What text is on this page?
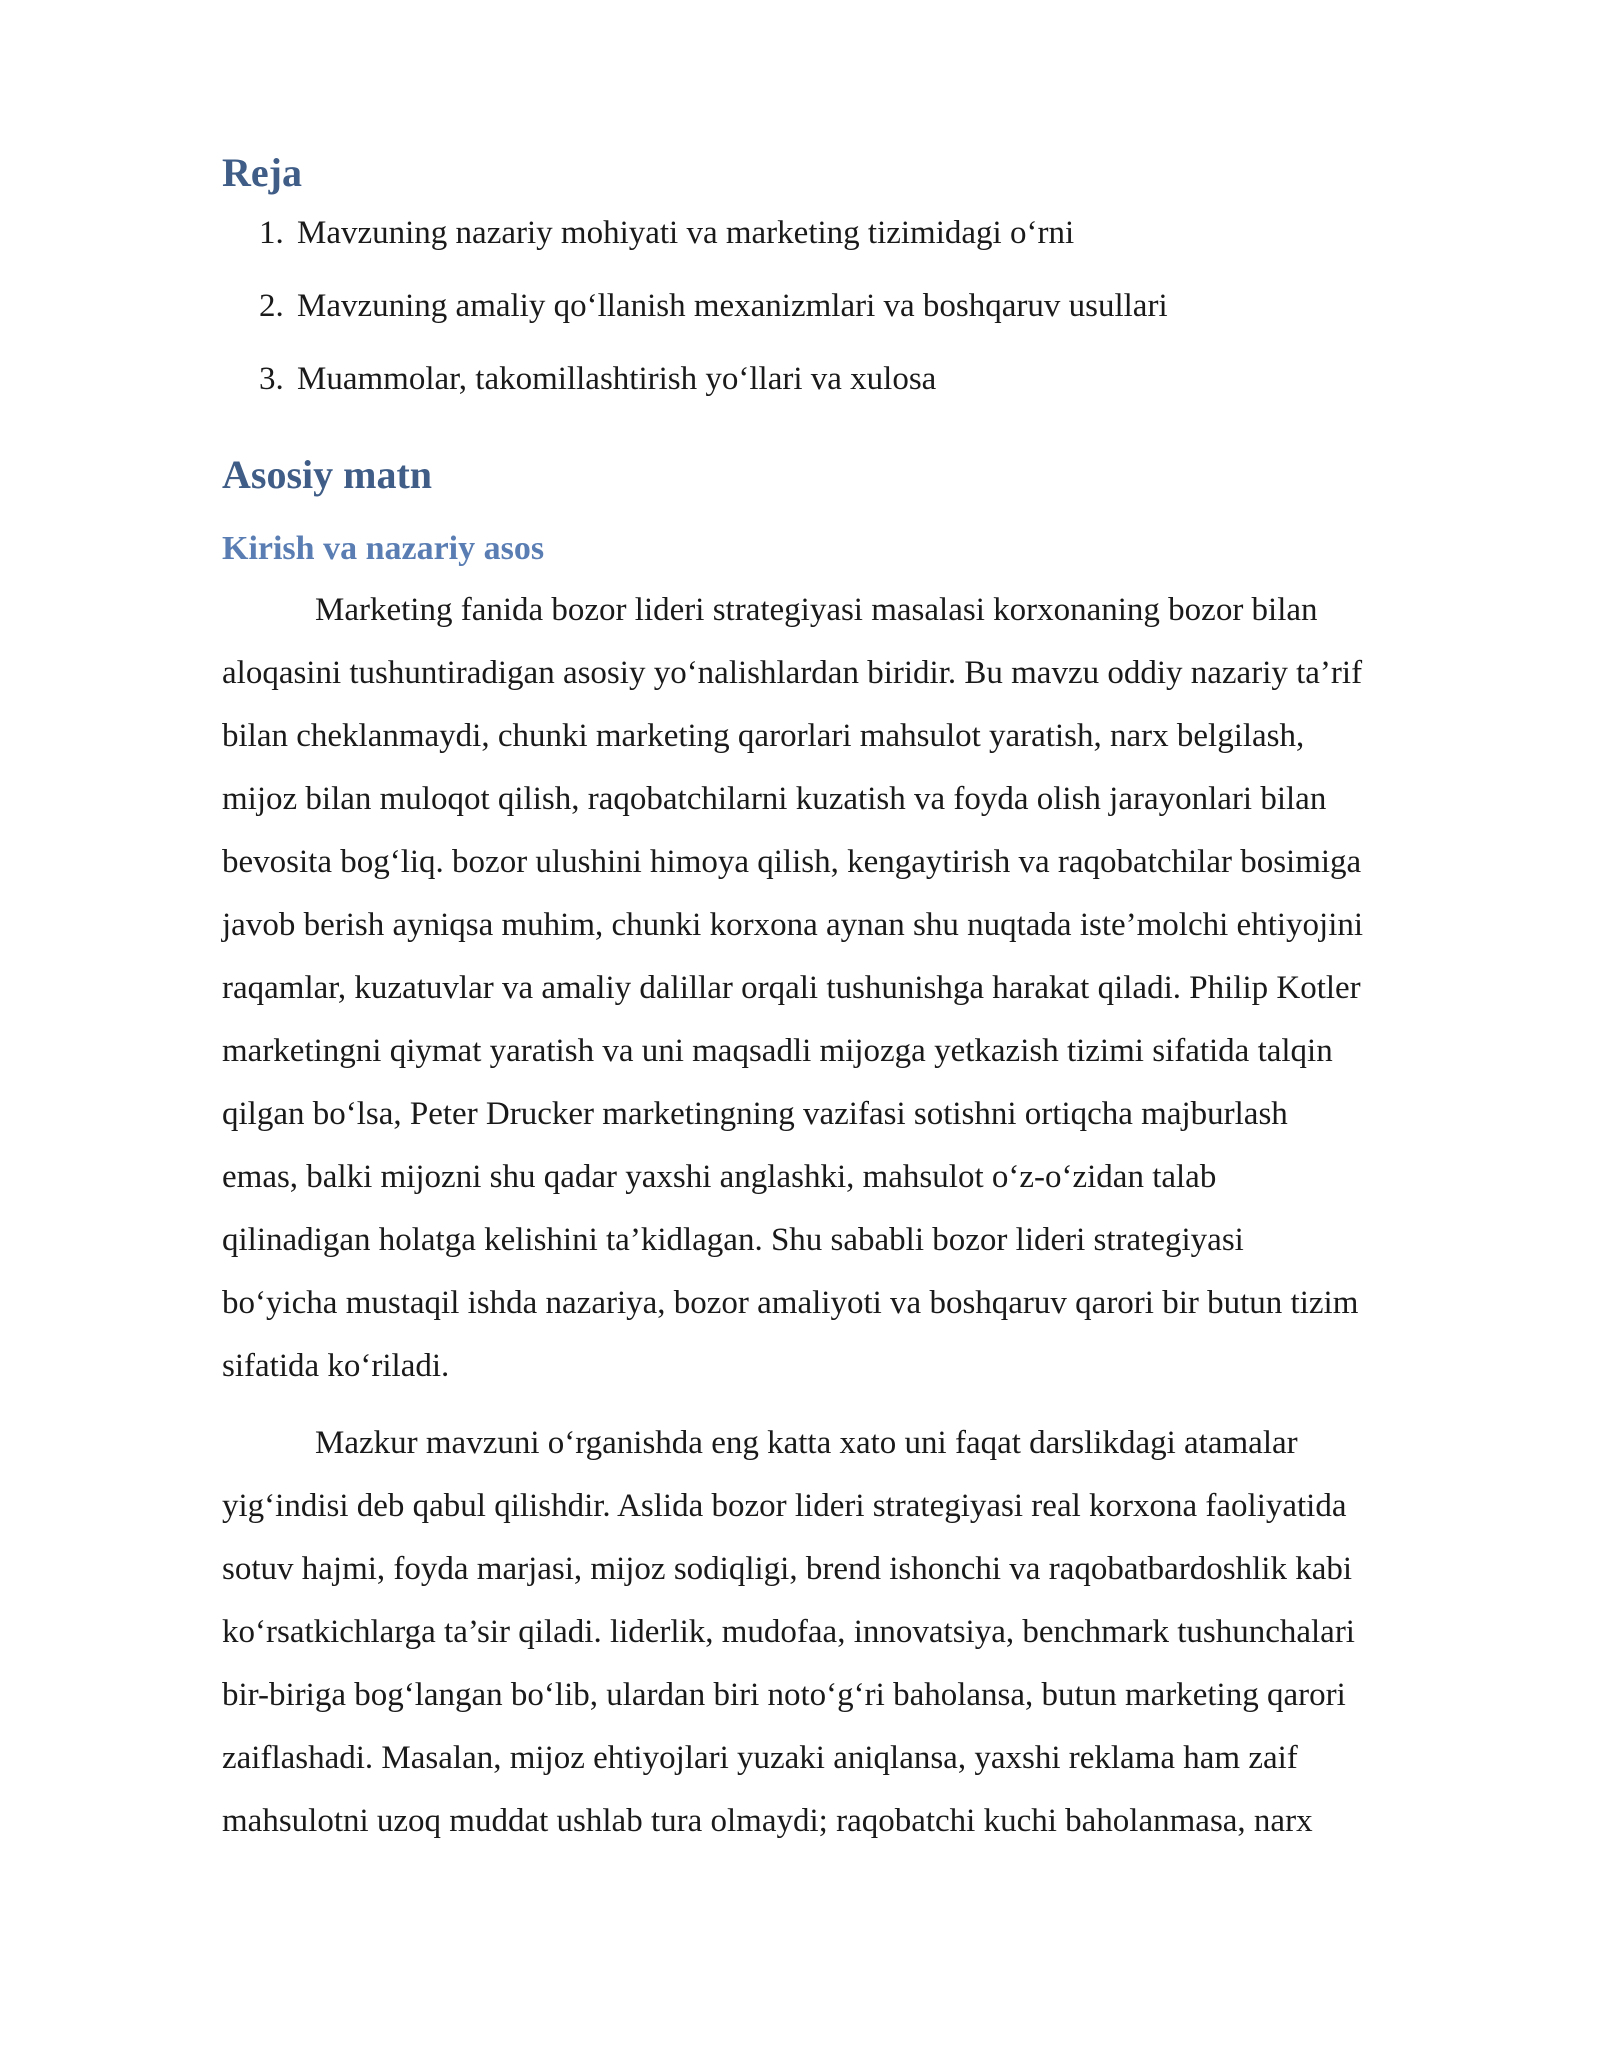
Reja
1. Mavzuning nazariy mohiyati va marketing tizimidagi o‘rni
2. Mavzuning amaliy qo‘llanish mexanizmlari va boshqaruv usullari
3. Muammolar, takomillashtirish yo‘llari va xulosa
Asosiy matn
Kirish va nazariy asos
Marketing fanida bozor lideri strategiyasi masalasi korxonaning bozor bilan
aloqasini tushuntiradigan asosiy yo‘nalishlardan biridir. Bu mavzu oddiy nazariy ta’rif
bilan cheklanmaydi, chunki marketing qarorlari mahsulot yaratish, narx belgilash,
mijoz bilan muloqot qilish, raqobatchilarni kuzatish va foyda olish jarayonlari bilan
bevosita bog‘liq. bozor ulushini himoya qilish, kengaytirish va raqobatchilar bosimiga
javob berish ayniqsa muhim, chunki korxona aynan shu nuqtada iste’molchi ehtiyojini
raqamlar, kuzatuvlar va amaliy dalillar orqali tushunishga harakat qiladi. Philip Kotler
marketingni qiymat yaratish va uni maqsadli mijozga yetkazish tizimi sifatida talqin
qilgan bo‘lsa, Peter Drucker marketingning vazifasi sotishni ortiqcha majburlash
emas, balki mijozni shu qadar yaxshi anglashki, mahsulot o‘z-o‘zidan talab
qilinadigan holatga kelishini ta’kidlagan. Shu sababli bozor lideri strategiyasi
bo‘yicha mustaqil ishda nazariya, bozor amaliyoti va boshqaruv qarori bir butun tizim
sifatida ko‘riladi.
Mazkur mavzuni o‘rganishda eng katta xato uni faqat darslikdagi atamalar
yig‘indisi deb qabul qilishdir. Aslida bozor lideri strategiyasi real korxona faoliyatida
sotuv hajmi, foyda marjasi, mijoz sodiqligi, brend ishonchi va raqobatbardoshlik kabi
ko‘rsatkichlarga ta’sir qiladi. liderlik, mudofaa, innovatsiya, benchmark tushunchalari
bir-biriga bog‘langan bo‘lib, ulardan biri noto‘g‘ri baholansa, butun marketing qarori
zaiflashadi. Masalan, mijoz ehtiyojlari yuzaki aniqlansa, yaxshi reklama ham zaif
mahsulotni uzoq muddat ushlab tura olmaydi; raqobatchi kuchi baholanmasa, narx
